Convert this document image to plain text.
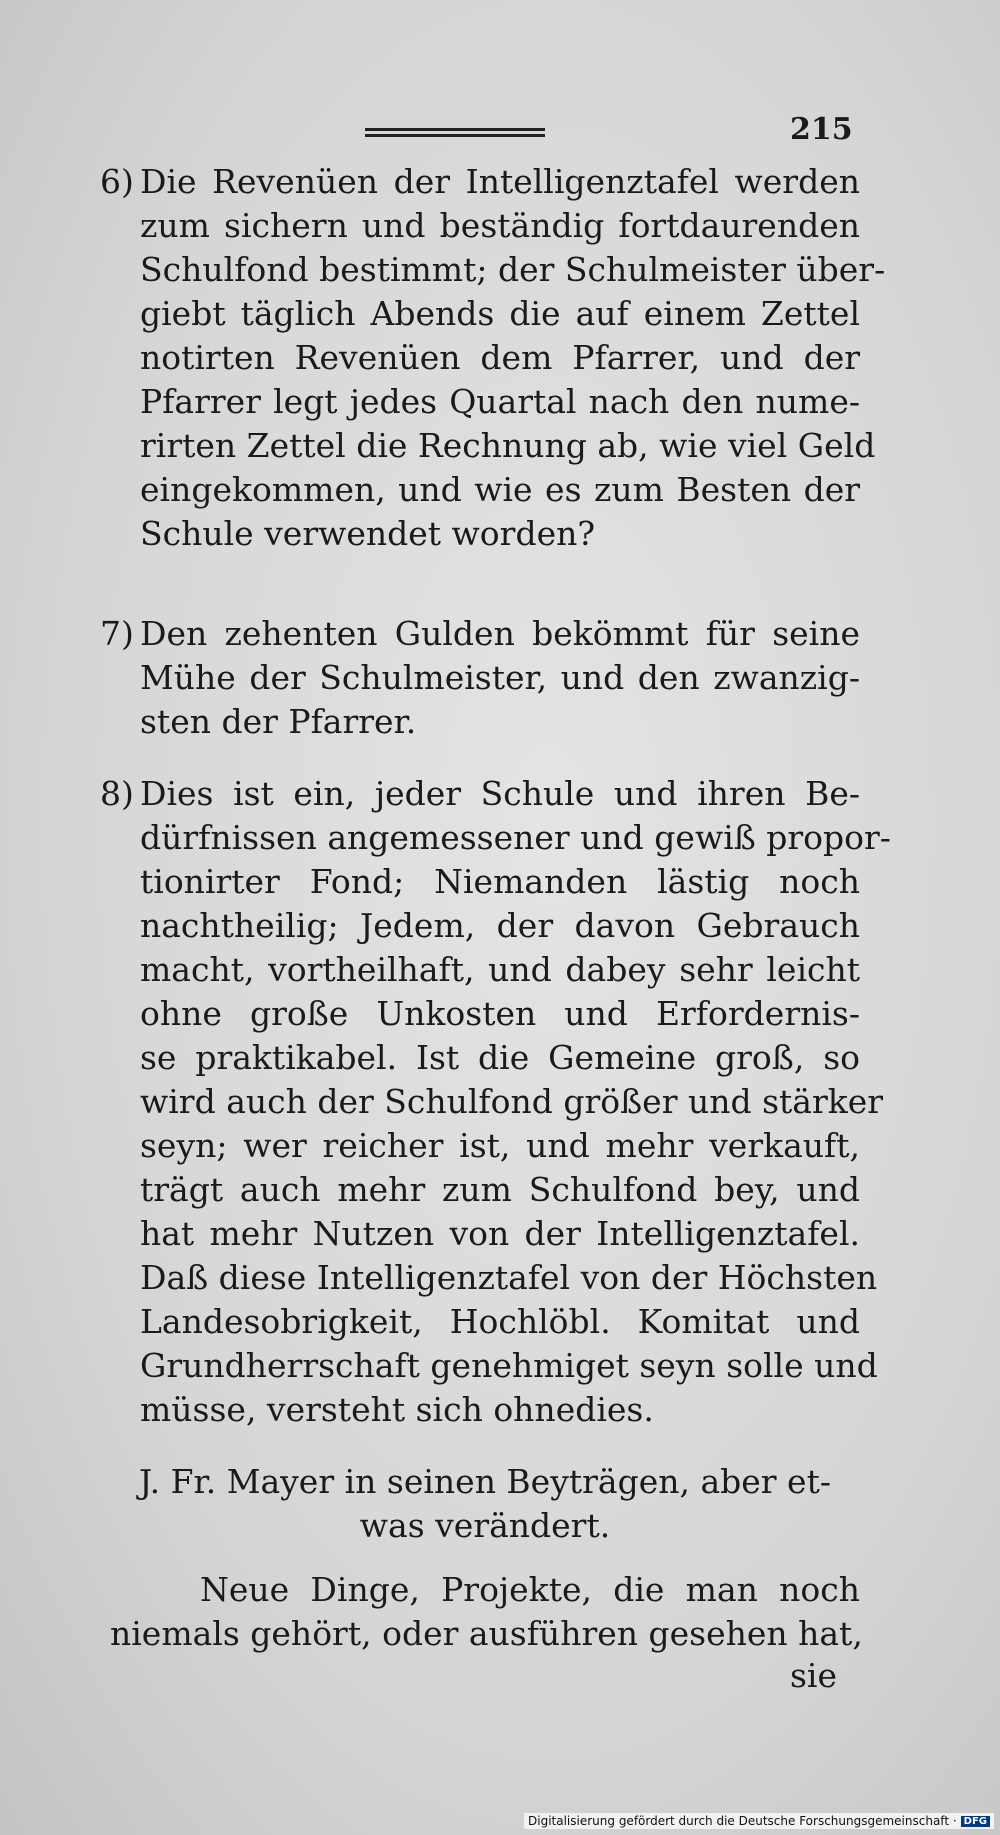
215
6) Die Revenüen der Intelligenztafel werden
zum sichern und beständig fortdaurenden
Schulfond bestimmt; der Schulmeister über-
giebt täglich Abends die auf einem Zettel
notirten Revenüen dem Pfarrer, und der
Pfarrer legt jedes Quartal nach den nume-
rirten Zettel die Rechnung ab, wie viel Geld
eingekommen, und wie es zum Besten der
Schule verwendet worden?
7) Den zehenten Gulden bekömmt für seine
Mühe der Schulmeister, und den zwanzig-
sten der Pfarrer.
8) Dies ist ein, jeder Schule und ihren Be-
dürfnissen angemessener und gewiß propor-
tionirter Fond; Niemanden lästig noch
nachtheilig; Jedem, der davon Gebrauch
macht, vortheilhaft, und dabey sehr leicht
ohne große Unkosten und Erfordernis-
se praktikabel. Ist die Gemeine groß, so
wird auch der Schulfond größer und stärker
seyn; wer reicher ist, und mehr verkauft,
trägt auch mehr zum Schulfond bey, und
hat mehr Nutzen von der Intelligenztafel.
Daß diese Intelligenztafel von der Höchsten
Landesobrigkeit, Hochlöbl. Komitat und
Grundherrschaft genehmiget seyn solle und
müsse, versteht sich ohnedies.
J. Fr. Mayer in seinen Beyträgen, aber et-
was verändert.
Neue Dinge, Projekte, die man noch
niemals gehört, oder ausführen gesehen hat,
sie
Digitalisierung gefördert durch die Deutsche Forschungsgemeinschaft · DFG
